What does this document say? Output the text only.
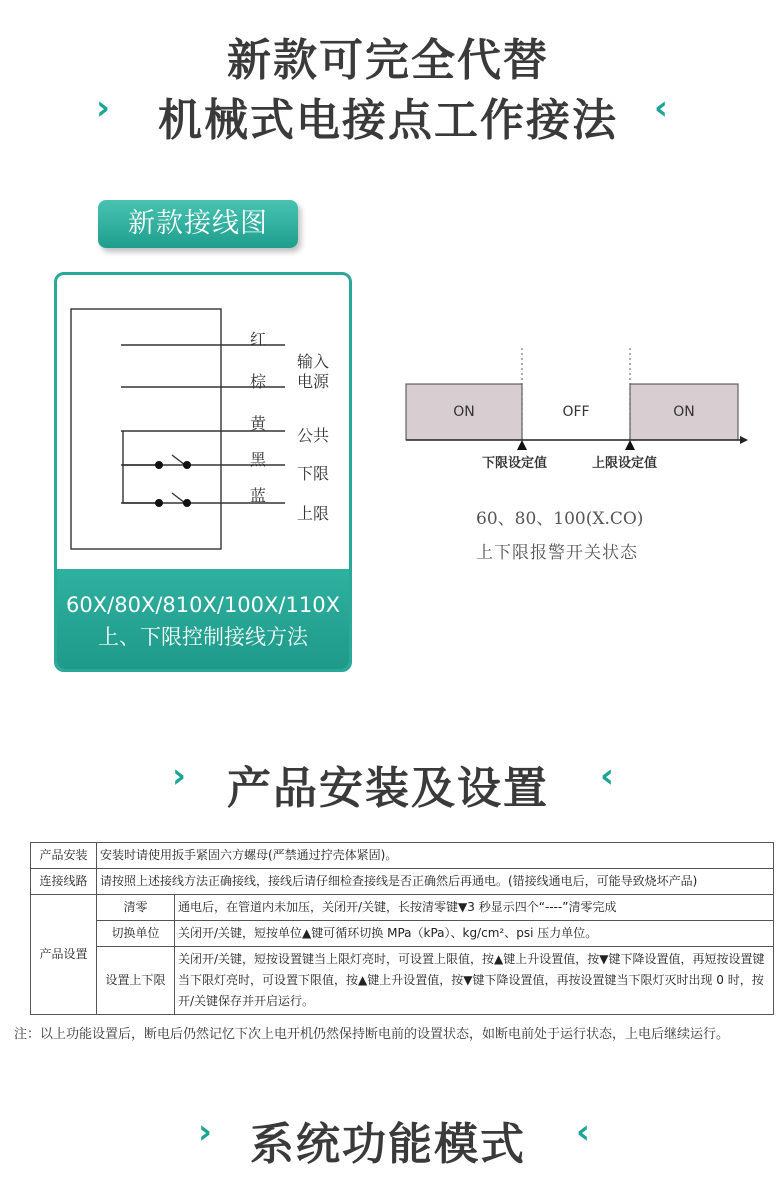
新款可完全代替
›	机械式电接点工作接法	‹
新款接线图
红
棕
黄
黑
蓝
输入
电源
公共
下限
上限
60X/80X/810X/100X/110X
上、下限控制接线方法
ON	OFF	ON
下限设定值	上限设定值
60、80、100(X.CO)
上下限报警开关状态
› 产品安装及设置	‹
产品安装	安装时请使用扳手紧固六方螺母(严禁通过拧壳体紧固)。	
连接线路	请按照上述接线方法正确接线，接线后请仔细检查接线是否正确然后再通电。(错接线通电后，可能导致烧坏产品)	
产品设置	清零	通电后，在管道内未加压，关闭开/关键，长按清零键▼3 秒显示四个“----”清零完成
	切换单位	关闭开/关键，短按单位▲键可循环切换 MPa（kPa）、kg/cm²、psi 压力单位。
	设置上下限	关闭开/关键，短按设置键当上限灯亮时，可设置上限值，按▲键上升设置值，按▼键下降设置值，再短按设置键当下限灯亮时，可设置下限值，按▲键上升设置值，按▼键下降设置值，再按设置键当下限灯灭时出现 0 时，按开/关键保存并开启运行。
注：以上功能设置后，断电后仍然记忆下次上电开机仍然保持断电前的设置状态，如断电前处于运行状态，上电后继续运行。
› 系统功能模式	‹
